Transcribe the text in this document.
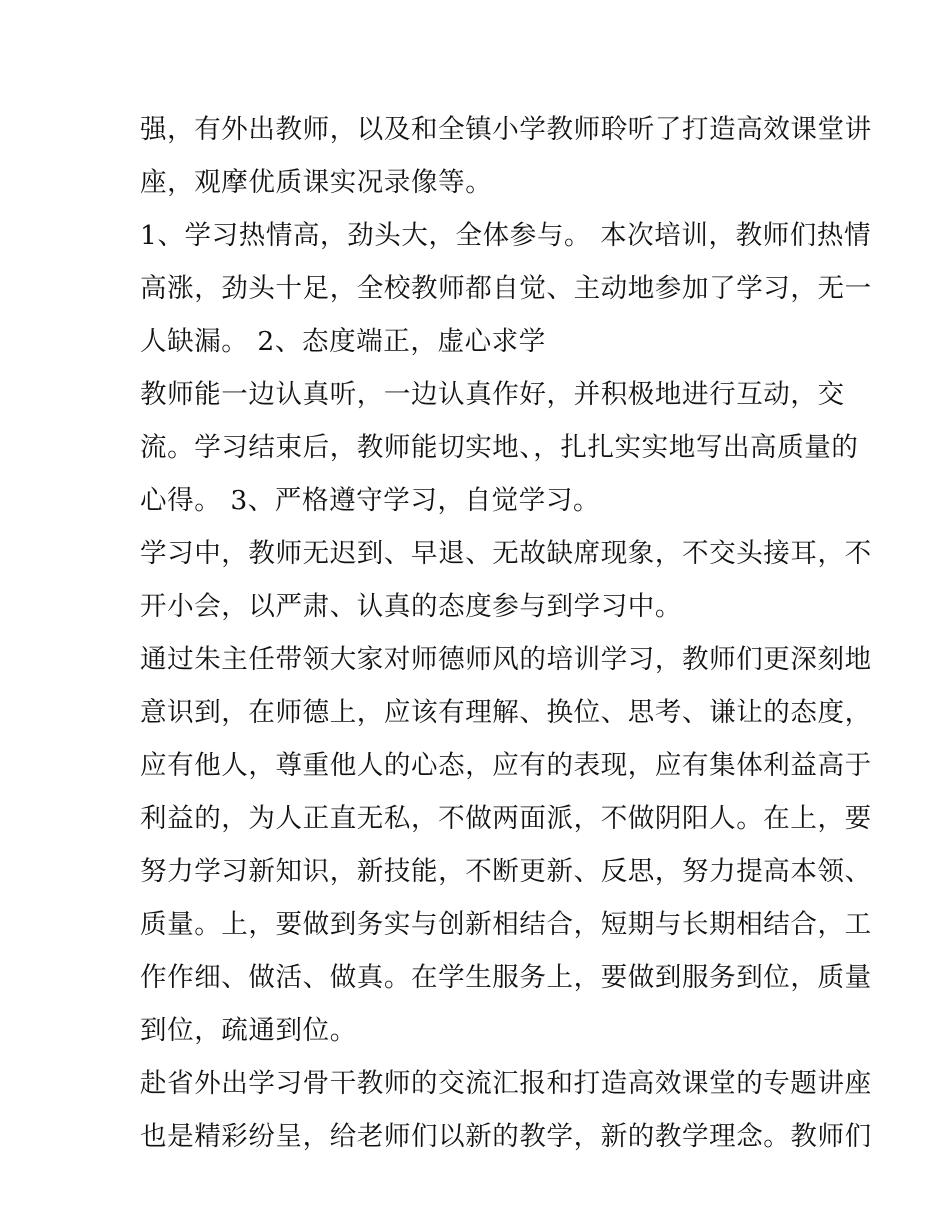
强，有外出教师，以及和全镇小学教师聆听了打造高效课堂讲
座，观摩优质课实况录像等。
1、学习热情高，劲头大，全体参与。 本次培训，教师们热情
高涨，劲头十足，全校教师都自觉、主动地参加了学习，无一
人缺漏。 2、态度端正，虚心求学
教师能一边认真听，一边认真作好，并积极地进行互动，交
流。学习结束后，教师能切实地、，扎扎实实地写出高质量的
心得。 3、严格遵守学习，自觉学习。
学习中，教师无迟到、早退、无故缺席现象，不交头接耳，不
开小会，以严肃、认真的态度参与到学习中。
通过朱主任带领大家对师德师风的培训学习，教师们更深刻地
意识到，在师德上，应该有理解、换位、思考、谦让的态度，
应有他人，尊重他人的心态，应有的表现，应有集体利益高于
利益的，为人正直无私，不做两面派，不做阴阳人。在上，要
努力学习新知识，新技能，不断更新、反思，努力提高本领、
质量。上，要做到务实与创新相结合，短期与长期相结合，工
作作细、做活、做真。在学生服务上，要做到服务到位，质量
到位，疏通到位。
赴省外出学习骨干教师的交流汇报和打造高效课堂的专题讲座
也是精彩纷呈，给老师们以新的教学，新的教学理念。教师们
